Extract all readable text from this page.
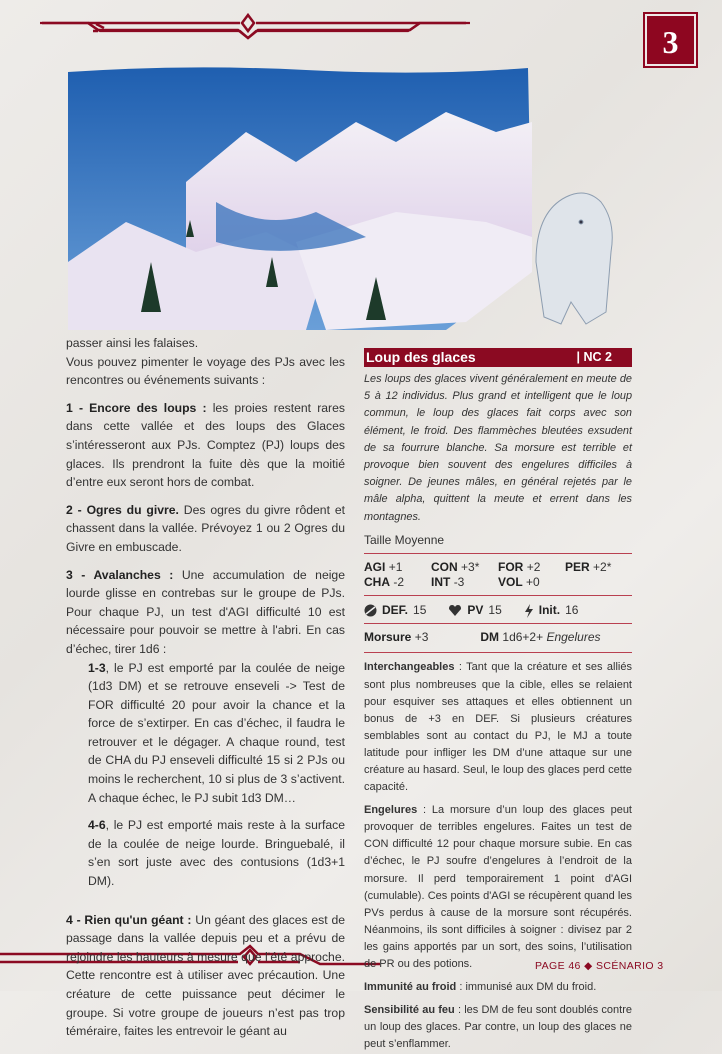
3

passer ainsi les falaises.

Vous pouvez pimenter le voyage des PJs avec les rencontres ou événements suivants :

1 - Encore des loups : les proies restent rares dans cette vallée et des loups des Glaces s’intéresseront aux PJs. Comptez (PJ) loups des glaces. Ils prendront la fuite dès que la moitié d’entre eux seront hors de combat.

2 - Ogres du givre. Des ogres du givre rôdent et chassent dans la vallée. Prévoyez 1 ou 2 Ogres du Givre en embuscade.

3 - Avalanches : Une accumulation de neige lourde glisse en contrebas sur le groupe de PJs. Pour chaque PJ, un test d'AGI difficulté 10 est nécessaire pour pouvoir se mettre à l'abri. En cas d’échec, tirer 1d6 :

1-3, le PJ est emporté par la coulée de neige (1d3 DM) et se retrouve enseveli -> Test de FOR difficulté 20 pour avoir la chance et la force de s’extirper. En cas d’échec, il faudra le retrouver et le dégager. A chaque round, test de CHA du PJ enseveli difficulté 15 si 2 PJs ou moins le recherchent, 10 si plus de 3 s’activent. A chaque échec, le PJ subit 1d3 DM…

4-6, le PJ est emporté mais reste à la surface de la coulée de neige lourde. Bringuebalé, il s’en sort juste avec des contusions (1d3+1 DM).

4 - Rien qu'un géant : Un géant des glaces est de passage dans la vallée depuis peu et a prévu de rejoindre les hauteurs à mesure que l’été approche. Cette rencontre est à utiliser avec précaution. Une créature de cette puissance peut décimer le groupe. Si votre groupe de joueurs n’est pas trop téméraire, faites les entrevoir le géant au

Loup des glaces	| NC 2

Les loups des glaces vivent généralement en meute de 5 à 12 individus. Plus grand et intelligent que le loup commun, le loup des glaces fait corps avec son élément, le froid. Des flammèches bleutées exsudent de sa fourrure blanche. Sa morsure est terrible et provoque bien souvent des engelures difficiles à soigner. De jeunes mâles, en général rejetés par le mâle alpha, quittent la meute et errent dans les montagnes.

Taille Moyenne

AGI +1	CON +3*	FOR +2	PER +2*
CHA -2	INT -3	VOL +0
DEF. 15	PV 15	Init. 16
Morsure +3	DM 1d6+2+ Engelures

Interchangeables : Tant que la créature et ses alliés sont plus nombreuses que la cible, elles se relaient pour esquiver ses attaques et elles obtiennent un bonus de +3 en DEF. Si plusieurs créatures semblables sont au contact du PJ, le MJ a toute latitude pour infliger les DM d’une attaque sur une créature au hasard. Seul, le loup des glaces perd cette capacité.

Engelures : La morsure d’un loup des glaces peut provoquer de terribles engelures. Faites un test de CON difficulté 12 pour chaque morsure subie. En cas d’échec, le PJ soufre d’engelures à l’endroit de la morsure. Il perd temporairement 1 point d'AGI (cumulable). Ces points d'AGI se récupèrent quand les PVs perdus à cause de la morsure sont récupérés. Néanmoins, ils sont difficiles à soigner : divisez par 2 les gains apportés par un sort, des soins, l’utilisation de PR ou des potions.

Immunité au froid : immunisé aux DM du froid.

Sensibilité au feu : les DM de feu sont doublés contre un loup des glaces. Par contre, un loup des glaces ne peut s’enflammer.

PAGE 46 ◆ SCÉNARIO 3
